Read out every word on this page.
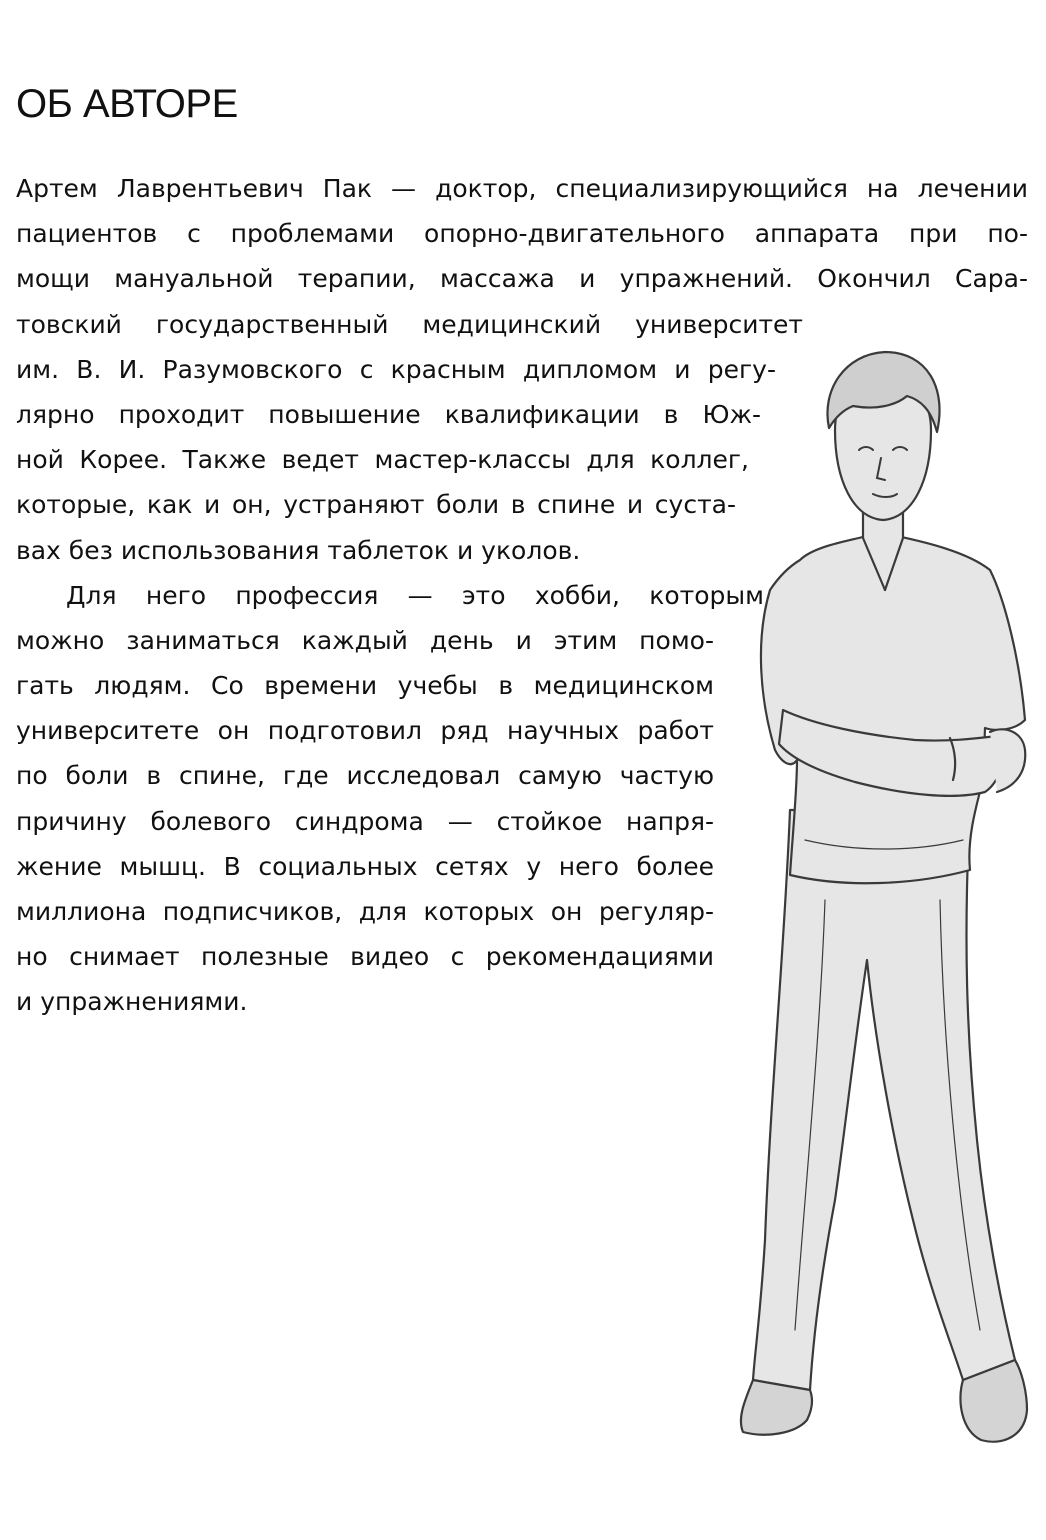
ОБ АВТОРЕ
Артем Лаврентьевич Пак — доктор, специализирующийся на лечении
пациентов с проблемами опорно-двигательного аппарата при по-
мощи мануальной терапии, массажа и упражнений. Окончил Сара-
товский государственный медицинский университет
им. В. И. Разумовского с красным дипломом и регу-
лярно проходит повышение квалификации в Юж-
ной Корее. Также ведет мастер-классы для коллег,
которые, как и он, устраняют боли в спине и суста-
вах без использования таблеток и уколов.
Для него профессия — это хобби, которым
можно заниматься каждый день и этим помо-
гать людям. Со времени учебы в медицинском
университете он подготовил ряд научных работ
по боли в спине, где исследовал самую частую
причину болевого синдрома — стойкое напря-
жение мышц. В социальных сетях у него более
миллиона подписчиков, для которых он регуляр-
но снимает полезные видео с рекомендациями
и упражнениями.
